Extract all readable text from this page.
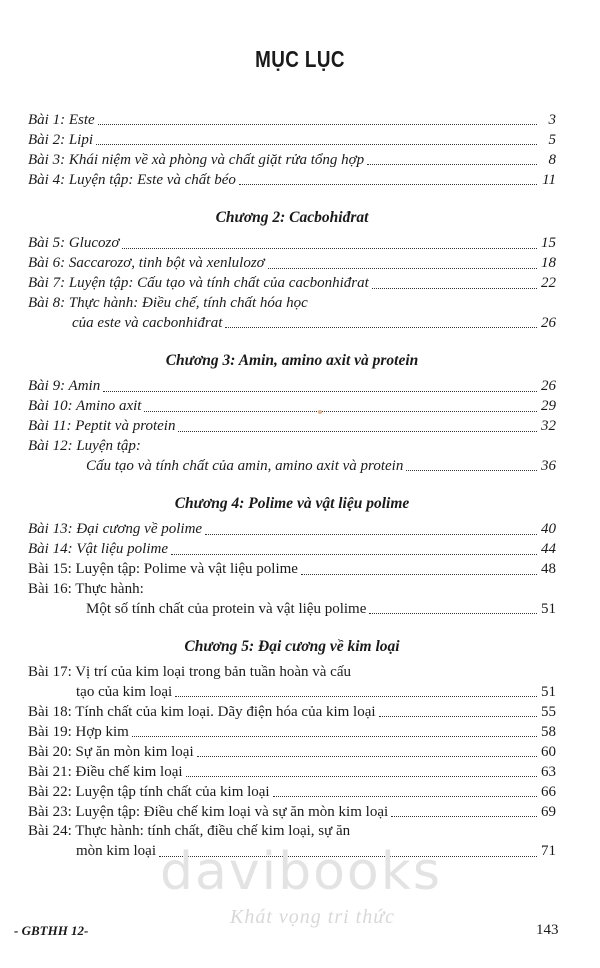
MỤC LỤC
Bài 1: Este	3
Bài 2: Lipi	5
Bài 3: Khái niệm về xà phòng và chất giặt rửa tổng hợp	8
Bài 4: Luyện tập: Este và chất béo	11
Chương 2: Cacbohiđrat
Bài 5: Glucozơ	15
Bài 6: Saccarozơ, tinh bột và xenlulozơ	18
Bài 7: Luyện tập: Cấu tạo và tính chất của cacbonhiđrat	22
Bài 8: Thực hành: Điều chế, tính chất hóa học
của este và cacbonhiđrat	26
Chương 3: Amin, amino axit và protein
Bài 9: Amin	26
Bài 10: Amino axit	29
Bài 11: Peptit và protein	32
Bài 12: Luyện tập:
Cấu tạo và tính chất của amin, amino axit và protein	36
Chương 4: Polime và vật liệu polime
Bài 13: Đại cương về polime	40
Bài 14: Vật liệu polime	44
Bài 15: Luyện tập: Polime và vật liệu polime	48
Bài 16: Thực hành:
Một số tính chất của protein và vật liệu polime	51
Chương 5: Đại cương về kim loại
Bài 17: Vị trí của kim loại trong bản tuần hoàn và cấu
tạo của kim loại	51
Bài 18: Tính chất của kim loại. Dãy điện hóa của kim loại	55
Bài 19: Hợp kim	58
Bài 20: Sự ăn mòn kim loại	60
Bài 21: Điều chế kim loại	63
Bài 22: Luyện tập tính chất của kim loại	66
Bài 23: Luyện tập: Điều chế kim loại và sự ăn mòn kim loại	69
Bài 24: Thực hành: tính chất, điều chế kim loại, sự ăn
mòn kim loại	71
davibooks
Khát vọng tri thức
- GBTHH 12-	143
